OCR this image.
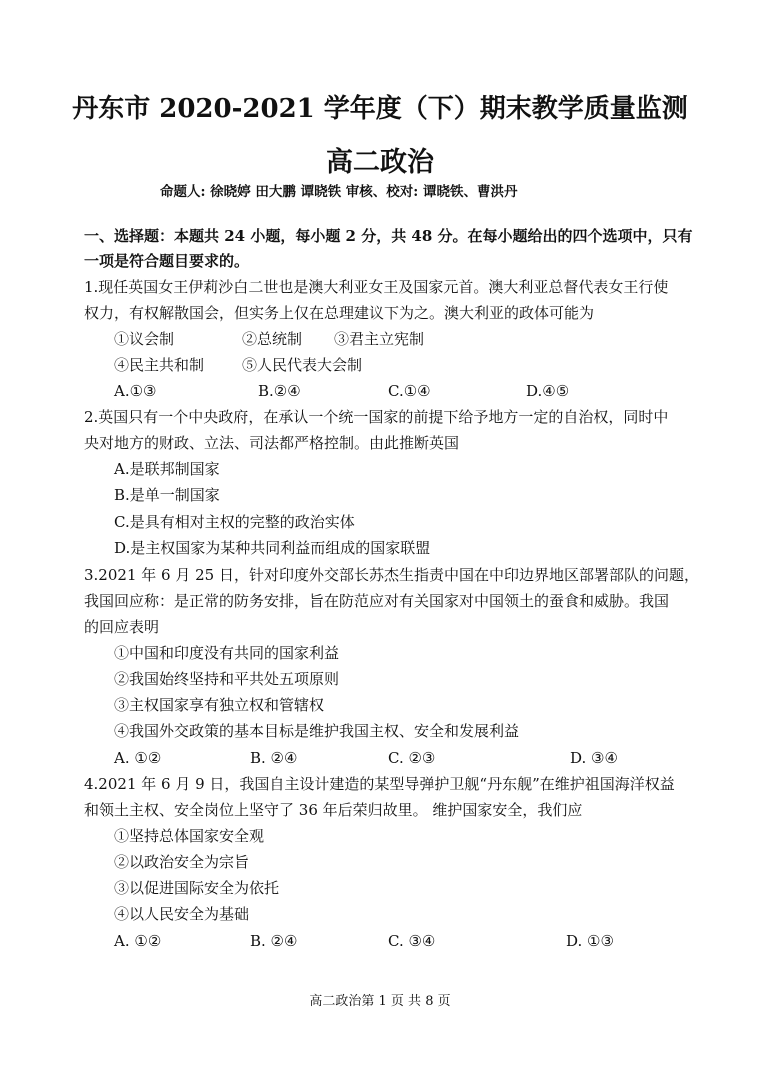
丹东市 2020-2021 学年度（下）期末教学质量监测
高二政治
命题人: 徐晓婷 田大鹏 谭晓铁 审核、校对: 谭晓铁、曹洪丹
一、选择题：本题共 24 小题，每小题 2 分，共 48 分。在每小题给出的四个选项中，只有
一项是符合题目要求的。
1.现任英国女王伊莉沙白二世也是澳大利亚女王及国家元首。澳大利亚总督代表女王行使
权力，有权解散国会，但实务上仅在总理建议下为之。澳大利亚的政体可能为
①议会制	②总统制 ③君主立宪制
④民主共和制	⑤人民代表大会制
A.①③	B.②④	C.①④	D.④⑤
2.英国只有一个中央政府，在承认一个统一国家的前提下给予地方一定的自治权，同时中
央对地方的财政、立法、司法都严格控制。由此推断英国
A.是联邦制国家
B.是单一制国家
C.是具有相对主权的完整的政治实体
D.是主权国家为某种共同利益而组成的国家联盟
3.2021 年 6 月 25 日，针对印度外交部长苏杰生指责中国在中印边界地区部署部队的问题，
我国回应称：是正常的防务安排，旨在防范应对有关国家对中国领土的蚕食和威胁。我国
的回应表明
①中国和印度没有共同的国家利益
②我国始终坚持和平共处五项原则
③主权国家享有独立权和管辖权
④我国外交政策的基本目标是维护我国主权、安全和发展利益
A. ①②	B. ②④	C. ②③	D. ③④
4.2021 年 6 月 9 日，我国自主设计建造的某型导弹护卫舰“丹东舰”在维护祖国海洋权益
和领土主权、安全岗位上坚守了 36 年后荣归故里。 维护国家安全，我们应
①坚持总体国家安全观
②以政治安全为宗旨
③以促进国际安全为依托
④以人民安全为基础
A. ①②	B. ②④	C. ③④	D. ①③
高二政治第 1 页 共 8 页
